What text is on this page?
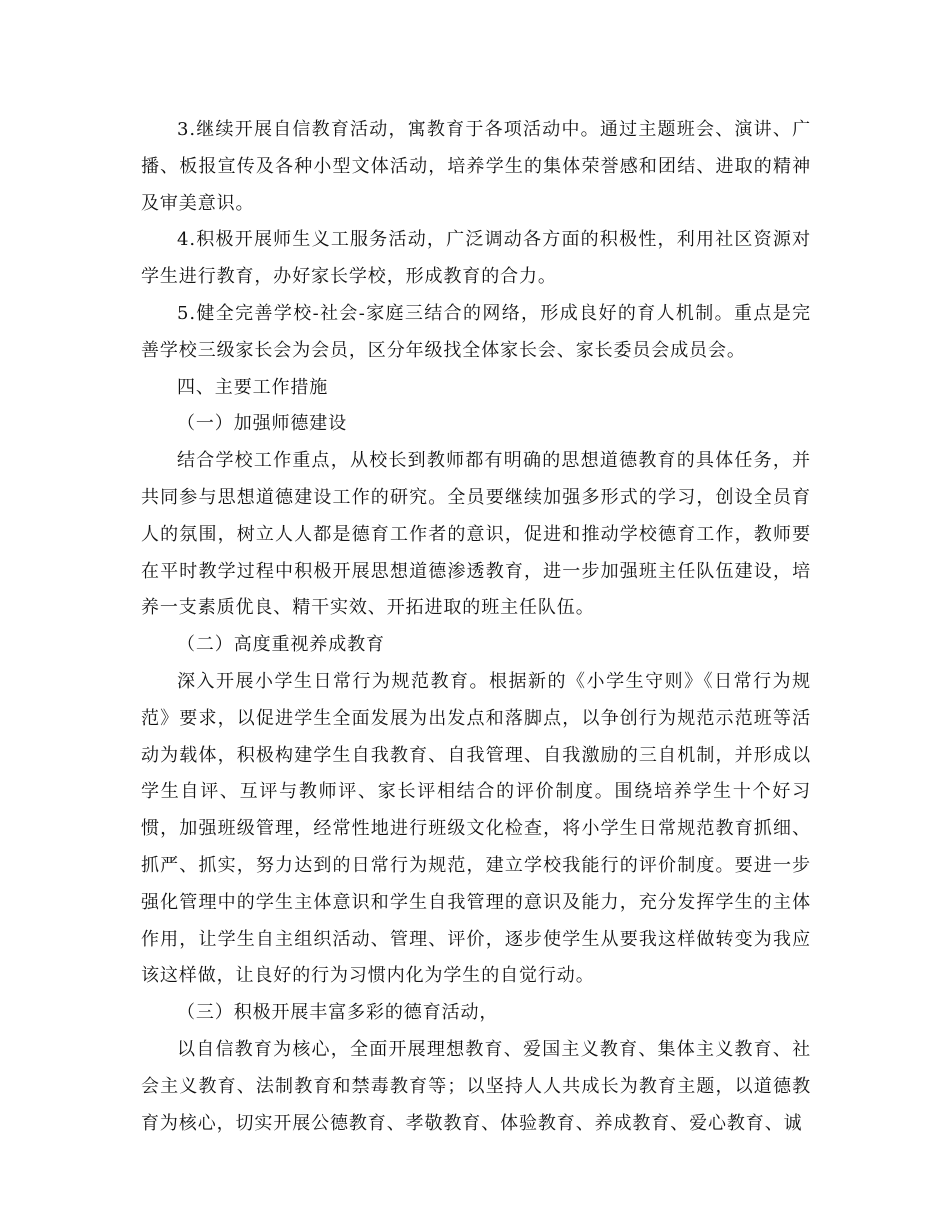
3.继续开展自信教育活动，寓教育于各项活动中。通过主题班会、演讲、广播、板报宣传及各种小型文体活动，培养学生的集体荣誉感和团结、进取的精神及审美意识。

4.积极开展师生义工服务活动，广泛调动各方面的积极性，利用社区资源对学生进行教育，办好家长学校，形成教育的合力。

5.健全完善学校-社会-家庭三结合的网络，形成良好的育人机制。重点是完善学校三级家长会为会员，区分年级找全体家长会、家长委员会成员会。

四、主要工作措施

（一）加强师德建设

结合学校工作重点，从校长到教师都有明确的思想道德教育的具体任务，并共同参与思想道德建设工作的研究。全员要继续加强多形式的学习，创设全员育人的氛围，树立人人都是德育工作者的意识，促进和推动学校德育工作，教师要在平时教学过程中积极开展思想道德渗透教育，进一步加强班主任队伍建设，培养一支素质优良、精干实效、开拓进取的班主任队伍。

（二）高度重视养成教育

深入开展小学生日常行为规范教育。根据新的《小学生守则》《日常行为规范》要求，以促进学生全面发展为出发点和落脚点，以争创行为规范示范班等活动为载体，积极构建学生自我教育、自我管理、自我激励的三自机制，并形成以学生自评、互评与教师评、家长评相结合的评价制度。围绕培养学生十个好习惯，加强班级管理，经常性地进行班级文化检查，将小学生日常规范教育抓细、抓严、抓实，努力达到的日常行为规范，建立学校我能行的评价制度。要进一步强化管理中的学生主体意识和学生自我管理的意识及能力，充分发挥学生的主体作用，让学生自主组织活动、管理、评价，逐步使学生从要我这样做转变为我应该这样做，让良好的行为习惯内化为学生的自觉行动。

（三）积极开展丰富多彩的德育活动，

以自信教育为核心，全面开展理想教育、爱国主义教育、集体主义教育、社会主义教育、法制教育和禁毒教育等；以坚持人人共成长为教育主题，以道德教育为核心，切实开展公德教育、孝敬教育、体验教育、养成教育、爱心教育、诚
